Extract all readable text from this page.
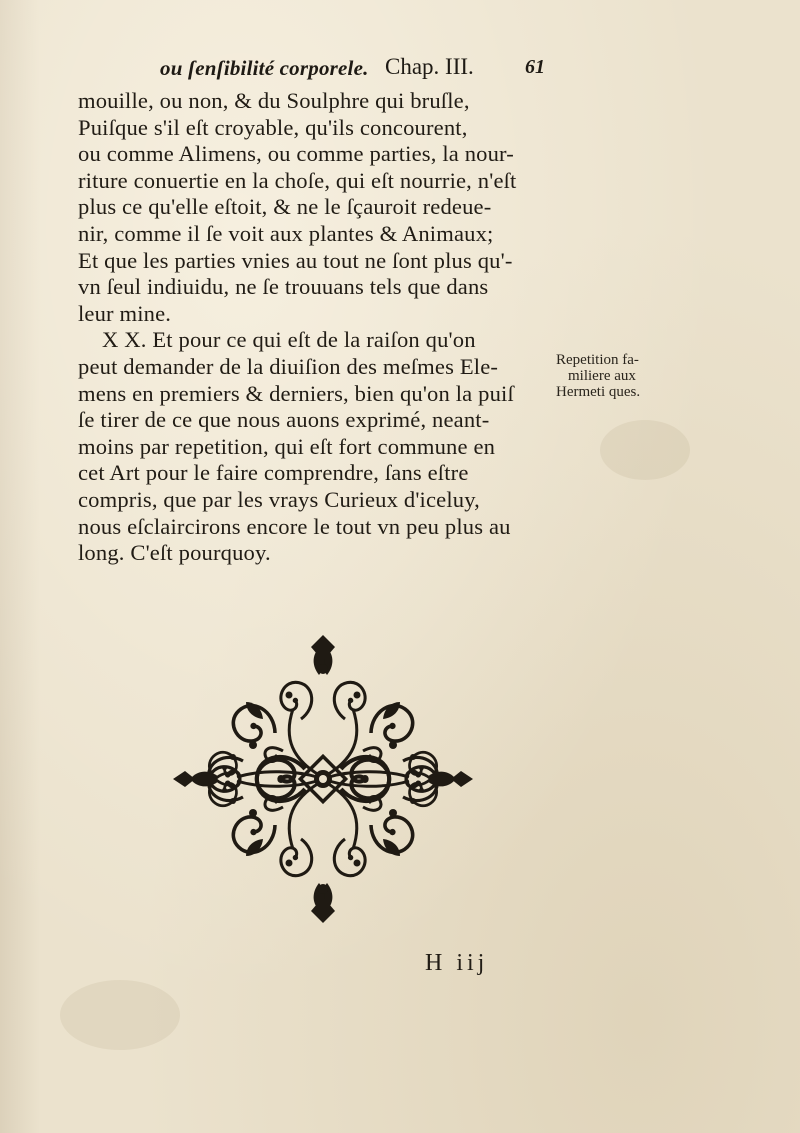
ou ſenſibilité corporele. Chap. III.	61
mouille, ou non, & du Soulphre qui bruſle,
Puiſque s'il eſt croyable, qu'ils concourent,
ou comme Alimens, ou comme parties, la nour-
riture conuertie en la choſe, qui eſt nourrie, n'eſt
plus ce qu'elle eſtoit, & ne le ſçauroit redeue-
nir, comme il ſe voit aux plantes & Animaux;
Et que les parties vnies au tout ne ſont plus qu'-
vn ſeul indiuidu, ne ſe trouuans tels que dans
leur mine.
X X. Et pour ce qui eſt de la raiſon qu'on
peut demander de la diuiſion des meſmes Ele-
mens en premiers & derniers, bien qu'on la puiſ
ſe tirer de ce que nous auons exprimé, neant-
moins par repetition, qui eſt fort commune en
cet Art pour le faire comprendre, ſans eſtre
compris, que par les vrays Curieux d'iceluy,
nous eſclaircirons encore le tout vn peu plus au
long. C'eſt pourquoy.
Repetition fa-
miliere aux
Hermeti ques.
H iij
